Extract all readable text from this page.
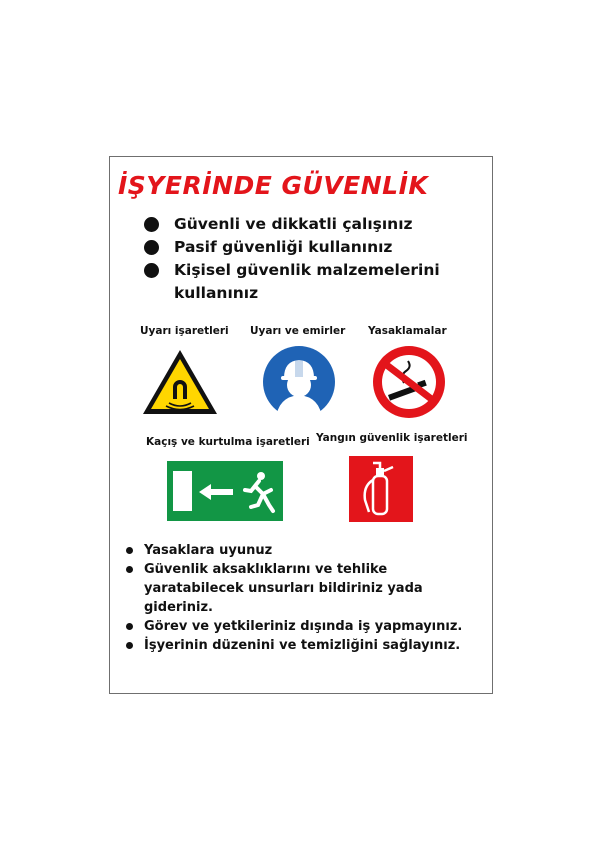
İŞYERİNDE GÜVENLİK
Güvenli ve dikkatli çalışınız
Pasif güvenliği kullanınız
Kişisel güvenlik malzemelerini kullanınız
Uyarı işaretleri Uyarı ve emirler Yasaklamalar
Kaçış ve kurtulma işaretleri Yangın güvenlik işaretleri
Yasaklara uyunuz
Güvenlik aksaklıklarını ve tehlike yaratabilecek unsurları bildiriniz yada gideriniz.
Görev ve yetkileriniz dışında iş yapmayınız.
İşyerinin düzenini ve temizliğini sağlayınız.
